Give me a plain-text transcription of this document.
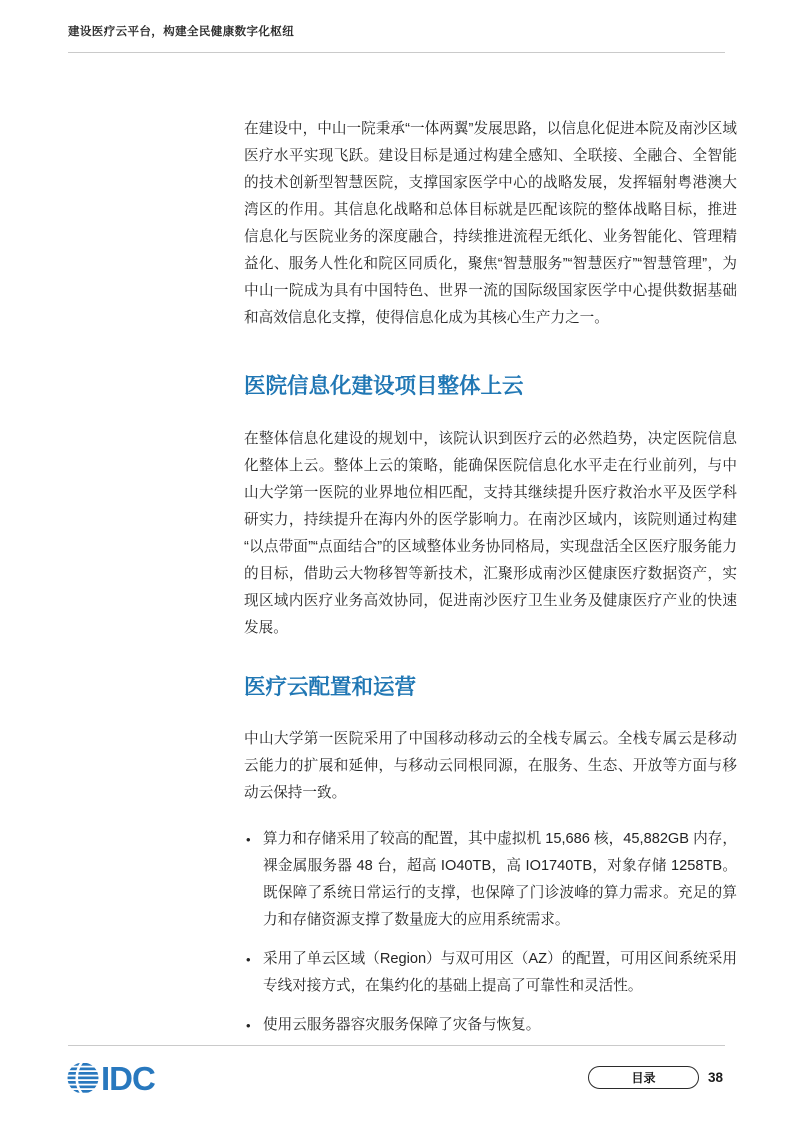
建设医疗云平台，构建全民健康数字化枢纽

在建设中，中山一院秉承“一体两翼”发展思路，以信息化促进本院及南沙区域医疗水平实现飞跃。建设目标是通过构建全感知、全联接、全融合、全智能的技术创新型智慧医院，支撑国家医学中心的战略发展，发挥辐射粤港澳大湾区的作用。其信息化战略和总体目标就是匹配该院的整体战略目标，推进信息化与医院业务的深度融合，持续推进流程无纸化、业务智能化、管理精益化、服务人性化和院区同质化，聚焦“智慧服务”“智慧医疗”“智慧管理”，为中山一院成为具有中国特色、世界一流的国际级国家医学中心提供数据基础和高效信息化支撑，使得信息化成为其核心生产力之一。

医院信息化建设项目整体上云

在整体信息化建设的规划中，该院认识到医疗云的必然趋势，决定医院信息化整体上云。整体上云的策略，能确保医院信息化水平走在行业前列，与中山大学第一医院的业界地位相匹配，支持其继续提升医疗救治水平及医学科研实力，持续提升在海内外的医学影响力。在南沙区域内，该院则通过构建“以点带面”“点面结合”的区域整体业务协同格局，实现盘活全区医疗服务能力的目标，借助云大物移智等新技术，汇聚形成南沙区健康医疗数据资产，实现区域内医疗业务高效协同，促进南沙医疗卫生业务及健康医疗产业的快速发展。

医疗云配置和运营

中山大学第一医院采用了中国移动移动云的全栈专属云。全栈专属云是移动云能力的扩展和延伸，与移动云同根同源，在服务、生态、开放等方面与移动云保持一致。

• 算力和存储采用了较高的配置，其中虚拟机 15,686 核，45,882GB 内存，裸金属服务器 48 台，超高 IO40TB，高 IO1740TB，对象存储 1258TB。既保障了系统日常运行的支撑，也保障了门诊波峰的算力需求。充足的算力和存储资源支撑了数量庞大的应用系统需求。
• 采用了单云区域（Region）与双可用区（AZ）的配置，可用区间系统采用专线对接方式，在集约化的基础上提高了可靠性和灵活性。
• 使用云服务器容灾服务保障了灾备与恢复。
IDC	目录	38
